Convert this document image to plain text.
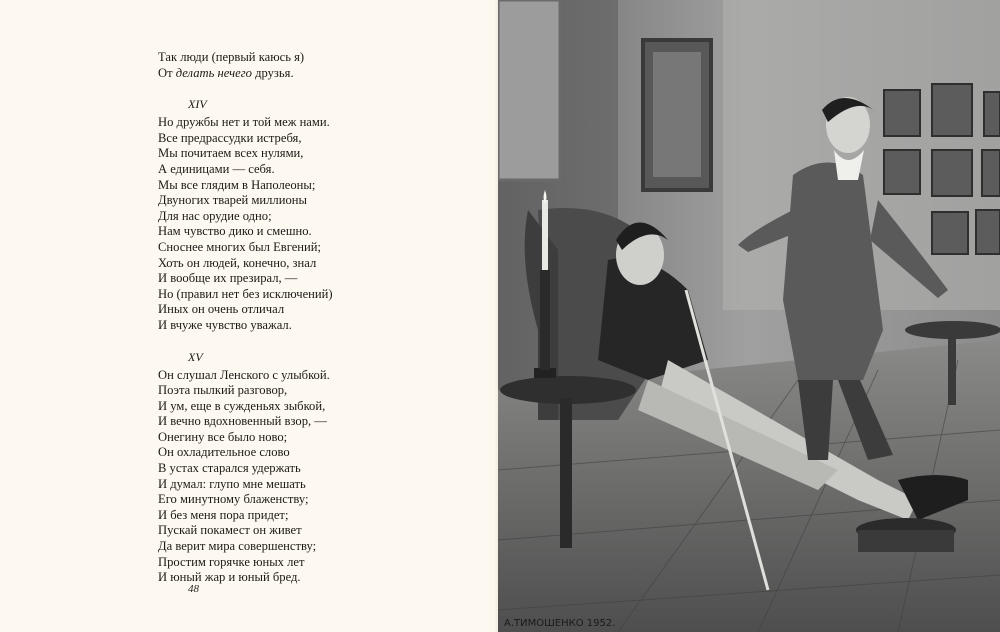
Так люди (первый каюсь я)
От делать нечего друзья.
XIV
Но дружбы нет и той меж нами.
Все предрассудки истребя,
Мы почитаем всех нулями,
А единицами — себя.
Мы все глядим в Наполеоны;
Двуногих тварей миллионы
Для нас орудие одно;
Нам чувство дико и смешно.
Сноснее многих был Евгений;
Хоть он людей, конечно, знал
И вообще их презирал, —
Но (правил нет без исключений)
Иных он очень отличал
И вчуже чувство уважал.
XV
Он слушал Ленского с улыбкой.
Поэта пылкий разговор,
И ум, еще в сужденьях зыбкой,
И вечно вдохновенный взор, —
Онегину все было ново;
Он охладительное слово
В устах старался удержать
И думал: глупо мне мешать
Его минутному блаженству;
И без меня пора придет;
Пускай покамест он живет
Да верит мира совершенству;
Простим горячке юных лет
И юный жар и юный бред.
48
А.ТИМОШЕНКО 1952.
